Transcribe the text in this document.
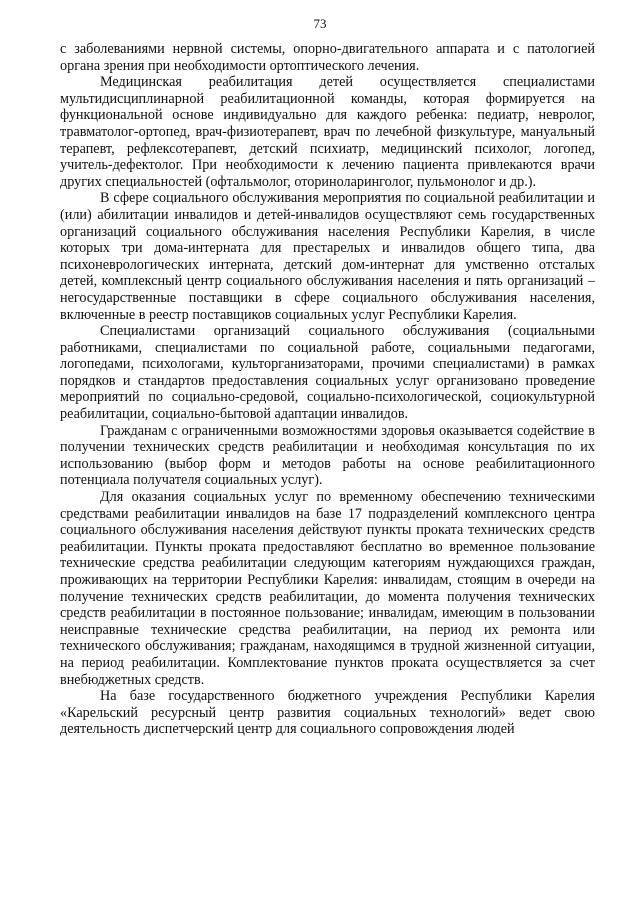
73

с заболеваниями нервной системы, опорно-двигательного аппарата и с патологией органа зрения при необходимости ортоптического лечения.

Медицинская реабилитация детей осуществляется специалистами мультидисциплинарной реабилитационной команды, которая формируется на функциональной основе индивидуально для каждого ребенка: педиатр, невролог, травматолог-ортопед, врач-физиотерапевт, врач по лечебной физкультуре, мануальный терапевт, рефлексотерапевт, детский психиатр, медицинский психолог, логопед, учитель-дефектолог. При необходимости к лечению пациента привлекаются врачи других специальностей (офтальмолог, оториноларинголог, пульмонолог и др.).

В сфере социального обслуживания мероприятия по социальной реабилитации и (или) абилитации инвалидов и детей-инвалидов осуществляют семь государственных организаций социального обслуживания населения Республики Карелия, в числе которых три дома-интерната для престарелых и инвалидов общего типа, два психоневрологических интерната, детский дом-интернат для умственно отсталых детей, комплексный центр социального обслуживания населения и пять организаций – негосударственные поставщики в сфере социального обслуживания населения, включенные в реестр поставщиков социальных услуг Республики Карелия.

Специалистами организаций социального обслуживания (социальными работниками, специалистами по социальной работе, социальными педагогами, логопедами, психологами, культорганизаторами, прочими специалистами) в рамках порядков и стандартов предоставления социальных услуг организовано проведение мероприятий по социально-средовой, социально-психологической, социокультурной реабилитации, социально-бытовой адаптации инвалидов.

Гражданам с ограниченными возможностями здоровья оказывается содействие в получении технических средств реабилитации и необходимая консультация по их использованию (выбор форм и методов работы на основе реабилитационного потенциала получателя социальных услуг).

Для оказания социальных услуг по временному обеспечению техническими средствами реабилитации инвалидов на базе 17 подразделений комплексного центра социального обслуживания населения действуют пункты проката технических средств реабилитации. Пункты проката предоставляют бесплатно во временное пользование технические средства реабилитации следующим категориям нуждающихся граждан, проживающих на территории Республики Карелия: инвалидам, стоящим в очереди на получение технических средств реабилитации, до момента получения технических средств реабилитации в постоянное пользование; инвалидам, имеющим в пользовании неисправные технические средства реабилитации, на период их ремонта или технического обслуживания; гражданам, находящимся в трудной жизненной ситуации, на период реабилитации. Комплектование пунктов проката осуществляется за счет внебюджетных средств.

На базе государственного бюджетного учреждения Республики Карелия «Карельский ресурсный центр развития социальных технологий» ведет свою деятельность диспетчерский центр для социального сопровождения людей
